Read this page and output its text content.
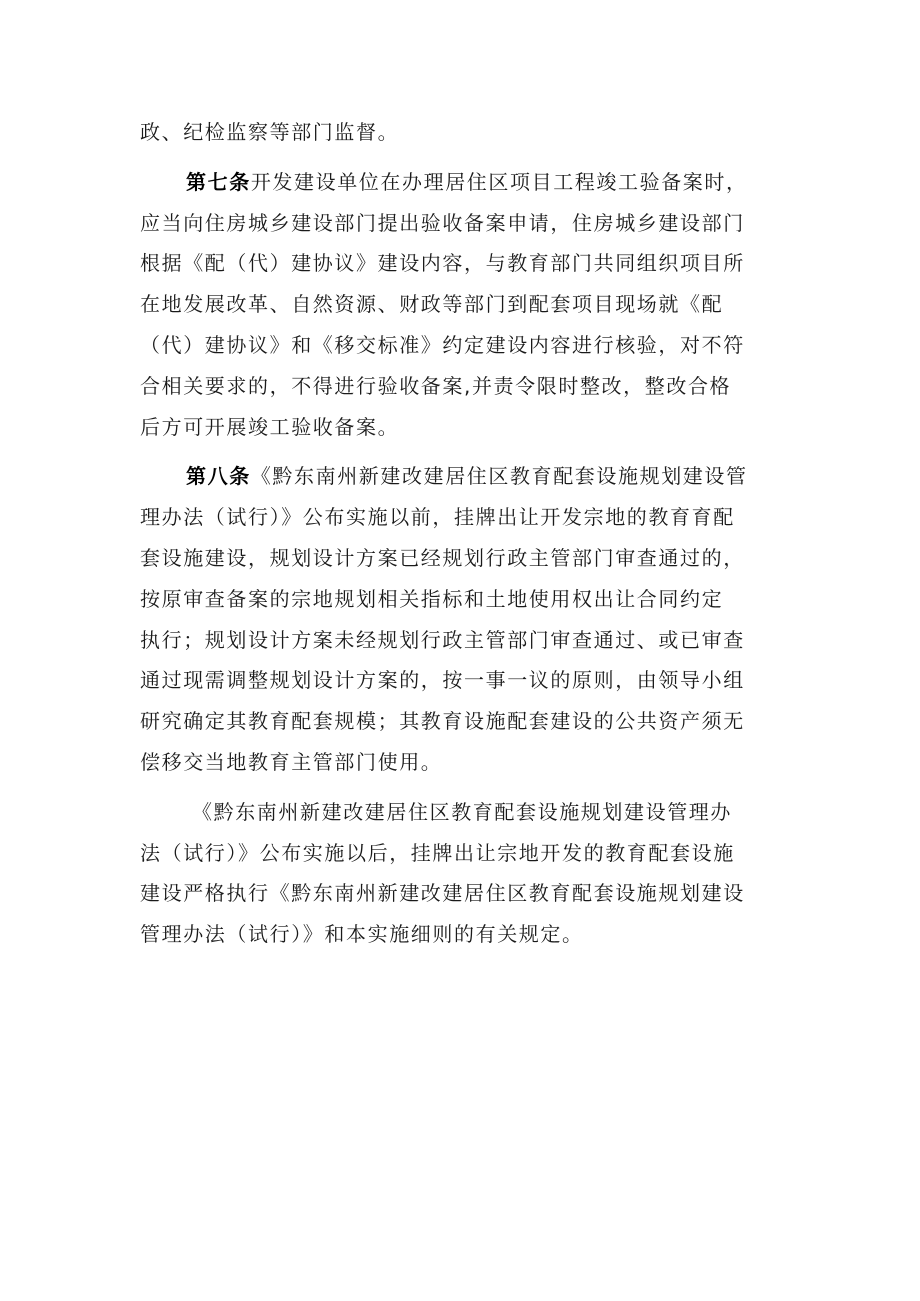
政、纪检监察等部门监督。
第七条开发建设单位在办理居住区项目工程竣工验备案时，
应当向住房城乡建设部门提出验收备案申请，住房城乡建设部门
根据《配（代）建协议》建设内容，与教育部门共同组织项目所
在地发展改革、自然资源、财政等部门到配套项目现场就《配
（代）建协议》和《移交标准》约定建设内容进行核验，对不符
合相关要求的，不得进行验收备案,并责令限时整改，整改合格
后方可开展竣工验收备案。
第八条《黔东南州新建改建居住区教育配套设施规划建设管
理办法（试行）》公布实施以前，挂牌出让开发宗地的教育育配
套设施建设，规划设计方案已经规划行政主管部门审查通过的，
按原审查备案的宗地规划相关指标和土地使用权出让合同约定
执行；规划设计方案未经规划行政主管部门审查通过、或已审查
通过现需调整规划设计方案的，按一事一议的原则，由领导小组
研究确定其教育配套规模；其教育设施配套建设的公共资产须无
偿移交当地教育主管部门使用。
《黔东南州新建改建居住区教育配套设施规划建设管理办
法（试行）》公布实施以后，挂牌出让宗地开发的教育配套设施
建设严格执行《黔东南州新建改建居住区教育配套设施规划建设
管理办法（试行）》和本实施细则的有关规定。
